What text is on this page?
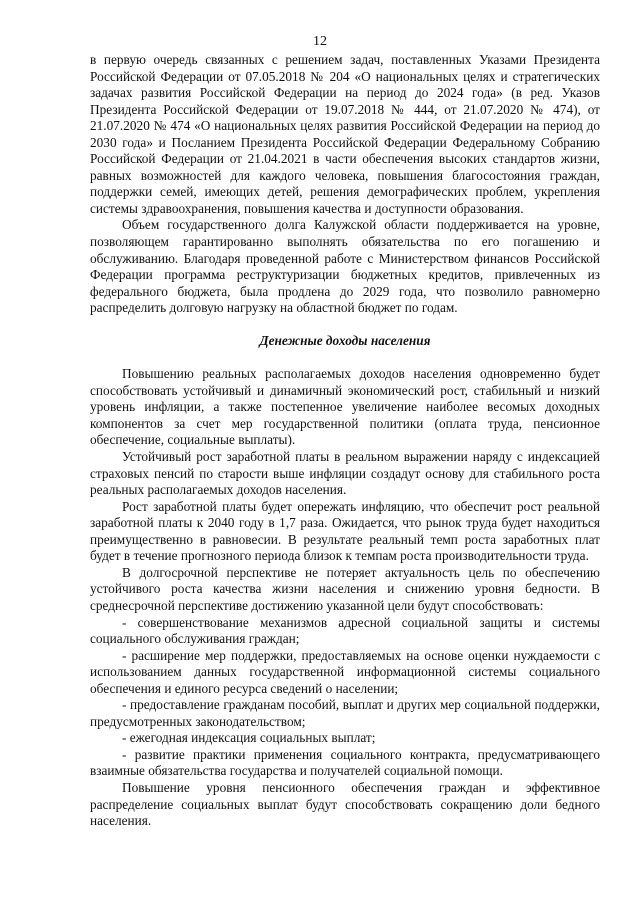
12

в первую очередь связанных с решением задач, поставленных Указами Президента Российской Федерации от 07.05.2018 № 204 «О национальных целях и стратегических задачах развития Российской Федерации на период до 2024 года» (в ред. Указов Президента Российской Федерации от 19.07.2018 № 444, от 21.07.2020 № 474), от 21.07.2020 № 474 «О национальных целях развития Российской Федерации на период до 2030 года» и Посланием Президента Российской Федерации Федеральному Собранию Российской Федерации от 21.04.2021 в части обеспечения высоких стандартов жизни, равных возможностей для каждого человека, повышения благосостояния граждан, поддержки семей, имеющих детей, решения демографических проблем, укрепления системы здравоохранения, повышения качества и доступности образования.

Объем государственного долга Калужской области поддерживается на уровне, позволяющем гарантированно выполнять обязательства по его погашению и обслуживанию. Благодаря проведенной работе с Министерством финансов Российской Федерации программа реструктуризации бюджетных кредитов, привлеченных из федерального бюджета, была продлена до 2029 года, что позволило равномерно распределить долговую нагрузку на областной бюджет по годам.

Денежные доходы населения

Повышению реальных располагаемых доходов населения одновременно будет способствовать устойчивый и динамичный экономический рост, стабильный и низкий уровень инфляции, а также постепенное увеличение наиболее весомых доходных компонентов за счет мер государственной политики (оплата труда, пенсионное обеспечение, социальные выплаты).

Устойчивый рост заработной платы в реальном выражении наряду с индексацией страховых пенсий по старости выше инфляции создадут основу для стабильного роста реальных располагаемых доходов населения.

Рост заработной платы будет опережать инфляцию, что обеспечит рост реальной заработной платы к 2040 году в 1,7 раза. Ожидается, что рынок труда будет находиться преимущественно в равновесии. В результате реальный темп роста заработных плат будет в течение прогнозного периода близок к темпам роста производительности труда.

В долгосрочной перспективе не потеряет актуальность цель по обеспечению устойчивого роста качества жизни населения и снижению уровня бедности. В среднесрочной перспективе достижению указанной цели будут способствовать:

- совершенствование механизмов адресной социальной защиты и системы социального обслуживания граждан;

- расширение мер поддержки, предоставляемых на основе оценки нуждаемости с использованием данных государственной информационной системы социального обеспечения и единого ресурса сведений о населении;

- предоставление гражданам пособий, выплат и других мер социальной поддержки, предусмотренных законодательством;

- ежегодная индексация социальных выплат;

- развитие практики применения социального контракта, предусматривающего взаимные обязательства государства и получателей социальной помощи.

Повышение уровня пенсионного обеспечения граждан и эффективное распределение социальных выплат будут способствовать сокращению доли бедного населения.
